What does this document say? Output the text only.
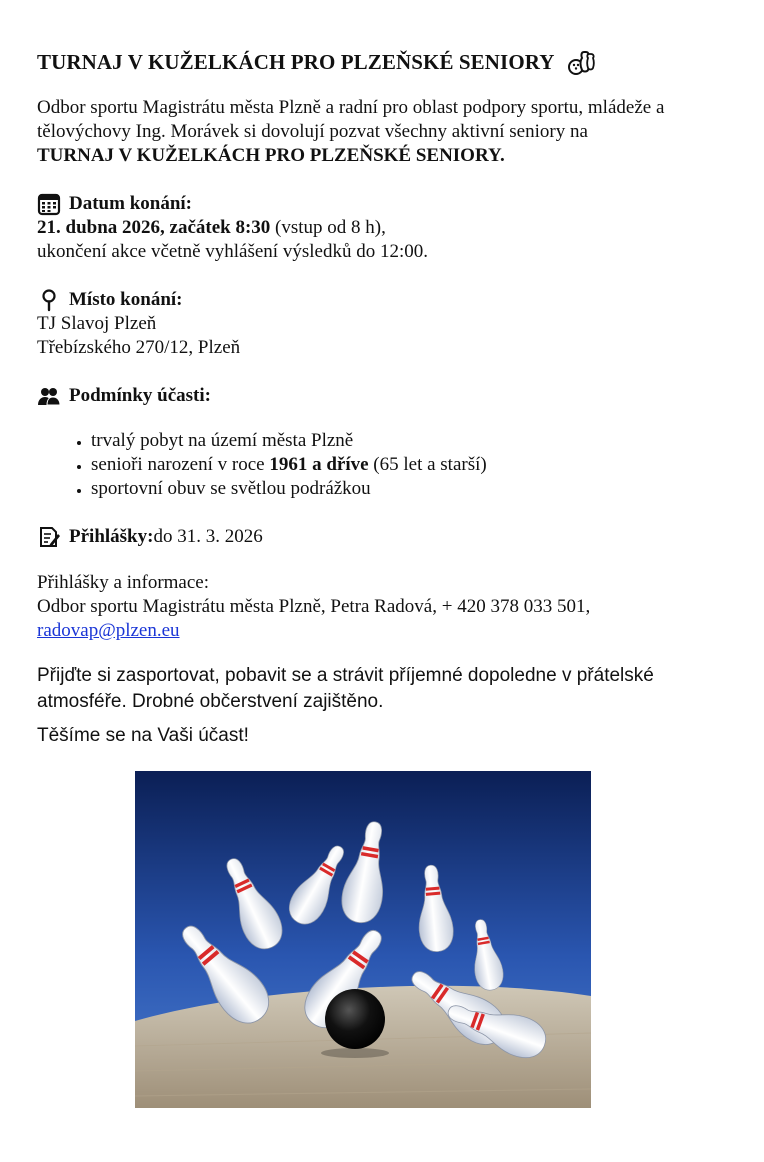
TURNAJ V KUŽELKÁCH PRO PLZEŇSKÉ SENIORY

Odbor sportu Magistrátu města Plzně a radní pro oblast podpory sportu, mládeže a tělovýchovy Ing. Morávek si dovolují pozvat všechny aktivní seniory na
TURNAJ V KUŽELKÁCH PRO PLZEŇSKÉ SENIORY.

Datum konání:

21. dubna 2026, začátek 8:30 (vstup od 8 h),

ukončení akce včetně vyhlášení výsledků do 12:00.

Místo konání:

TJ Slavoj Plzeň

Třebízského 270/12, Plzeň

Podmínky účasti:
• trvalý pobyt na území města Plzně
• senioři narození v roce 1961 a dříve (65 let a starší)
• sportovní obuv se světlou podrážkou
Přihlášky: do 31. 3. 2026

Přihlášky a informace:

Odbor sportu Magistrátu města Plzně, Petra Radová, + 420 378 033 501,

radovap@plzen.eu

Přijďte si zasportovat, pobavit se a strávit příjemné dopoledne v přátelské atmosféře. Drobné občerstvení zajištěno.

Těšíme se na Vaši účast!
